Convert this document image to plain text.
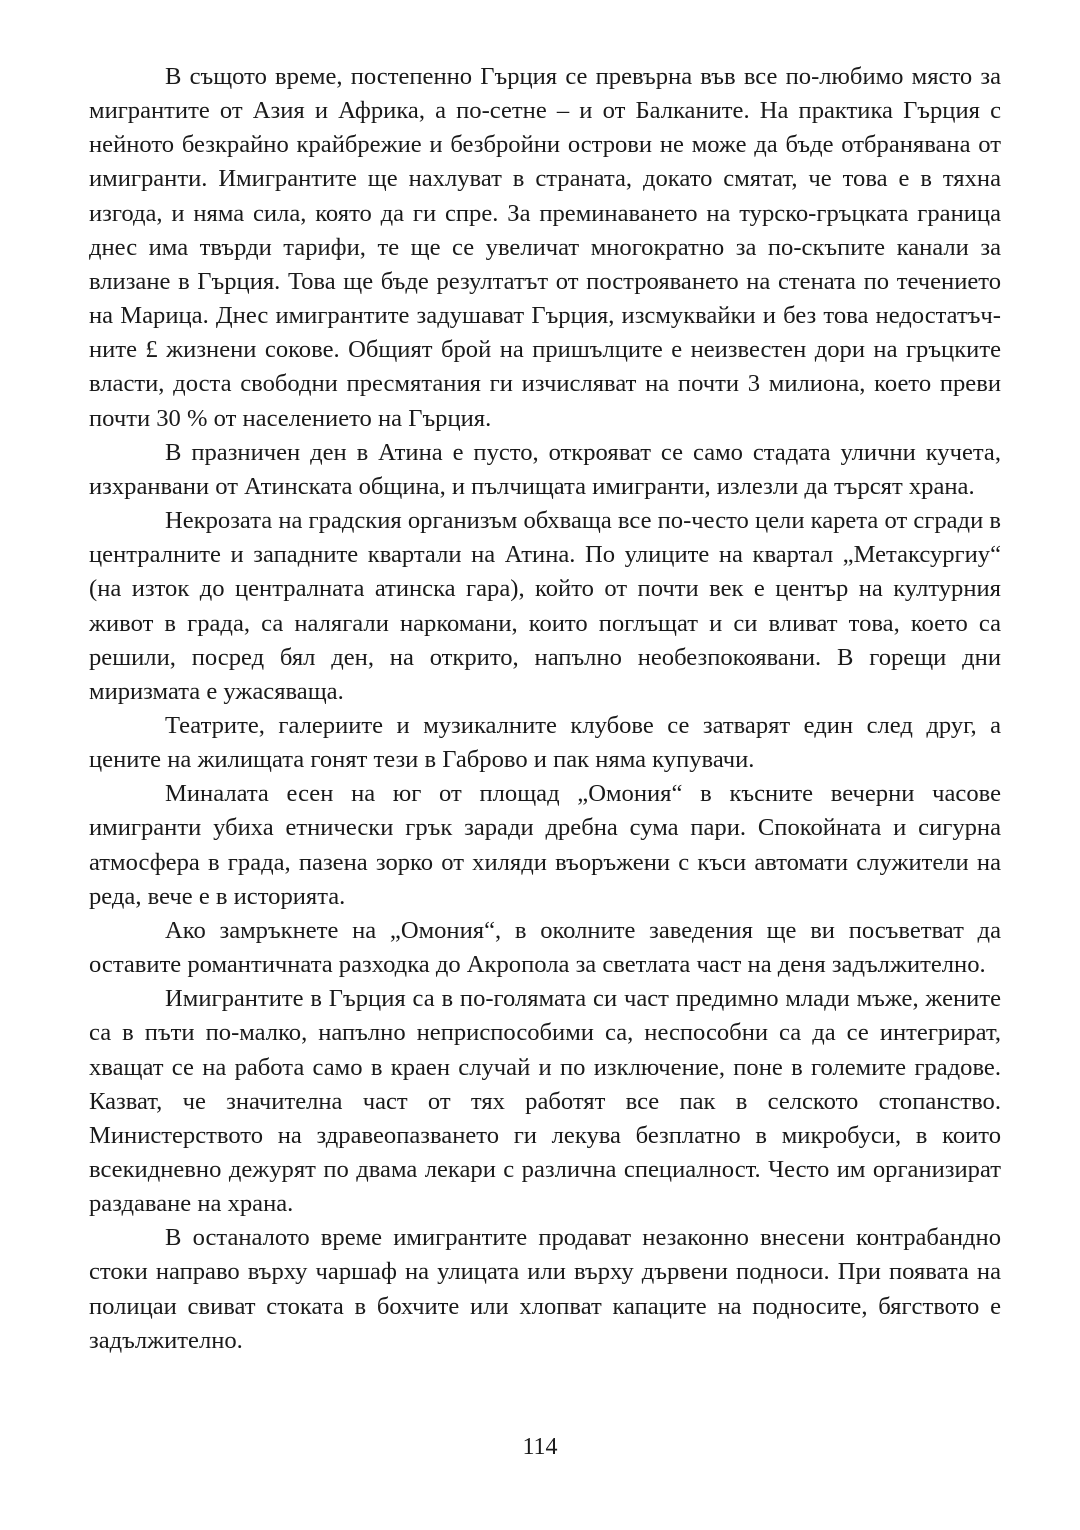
В същото време, постепенно Гърция се превърна във все по-любимо място за мигрантите от Азия и Африка, а по-сетне – и от Балканите. На практика Гърция с нейното безкрайно крайбрежие и безбройни острови не може да бъде отбранявана от имигранти. Имигрантите ще нахлуват в страната, докато смятат, че това е в тяхна изгода, и няма сила, която да ги спре. За преминаването на турско-гръцката граница днес има твърди тарифи, те ще се увеличат многократно за по-скъпите канали за влизане в Гърция. Това ще бъде резултатът от построяването на стената по течението на Марица. Днес имигрантите задушават Гърция, изсмуквайки и без това недостатъчните £ жизнени сокове. Общият брой на пришълците е неизвестен дори на гръцките власти, доста свободни пресмятания ги изчисляват на почти 3 милиона, което преви почти 30 % от населението на Гърция.

В празничен ден в Атина е пусто, открояват се само стадата улични кучета, изхранвани от Атинската община, и пълчищата имигранти, излезли да търсят храна.

Некрозата на градския организъм обхваща все по-често цели карета от сгради в централните и западните квартали на Атина. По улиците на квартал „Метаксургиу“ (на изток до централната атинска гара), който от почти век е център на културния живот в града, са налягали наркомани, които поглъщат и си вливат това, което са решили, посред бял ден, на открито, напълно необезпокоявани. В горещи дни миризмата е ужасяваща.

Театрите, галериите и музикалните клубове се затварят един след друг, а цените на жилищата гонят тези в Габрово и пак няма купувачи.

Миналата есен на юг от площад „Омония“ в късните вечерни часове имигранти убиха етнически грък заради дребна сума пари. Спокойната и сигурна атмосфера в града, пазена зорко от хиляди въоръжени с къси автомати служители на реда, вече е в историята.

Ако замръкнете на „Омония“, в околните заведения ще ви посъветват да оставите романтичната разходка до Акропола за светлата част на деня задължително.

Имигрантите в Гърция са в по-голямата си част предимно млади мъже, жените са в пъти по-малко, напълно неприспособими са, неспособни са да се интегрират, хващат се на работа само в краен случай и по изключение, поне в големите градове. Казват, че значителна част от тях работят все пак в селското стопанство. Министерството на здравеопазването ги лекува безплатно в микробуси, в които всекидневно дежурят по двама лекари с различна специалност. Често им организират раздаване на храна.

В останалото време имигрантите продават незаконно внесени контрабандно стоки направо върху чаршаф на улицата или върху дървени подноси. При появата на полицаи свиват стоката в бохчите или хлопват капаците на подносите, бягството е задължително.

114
